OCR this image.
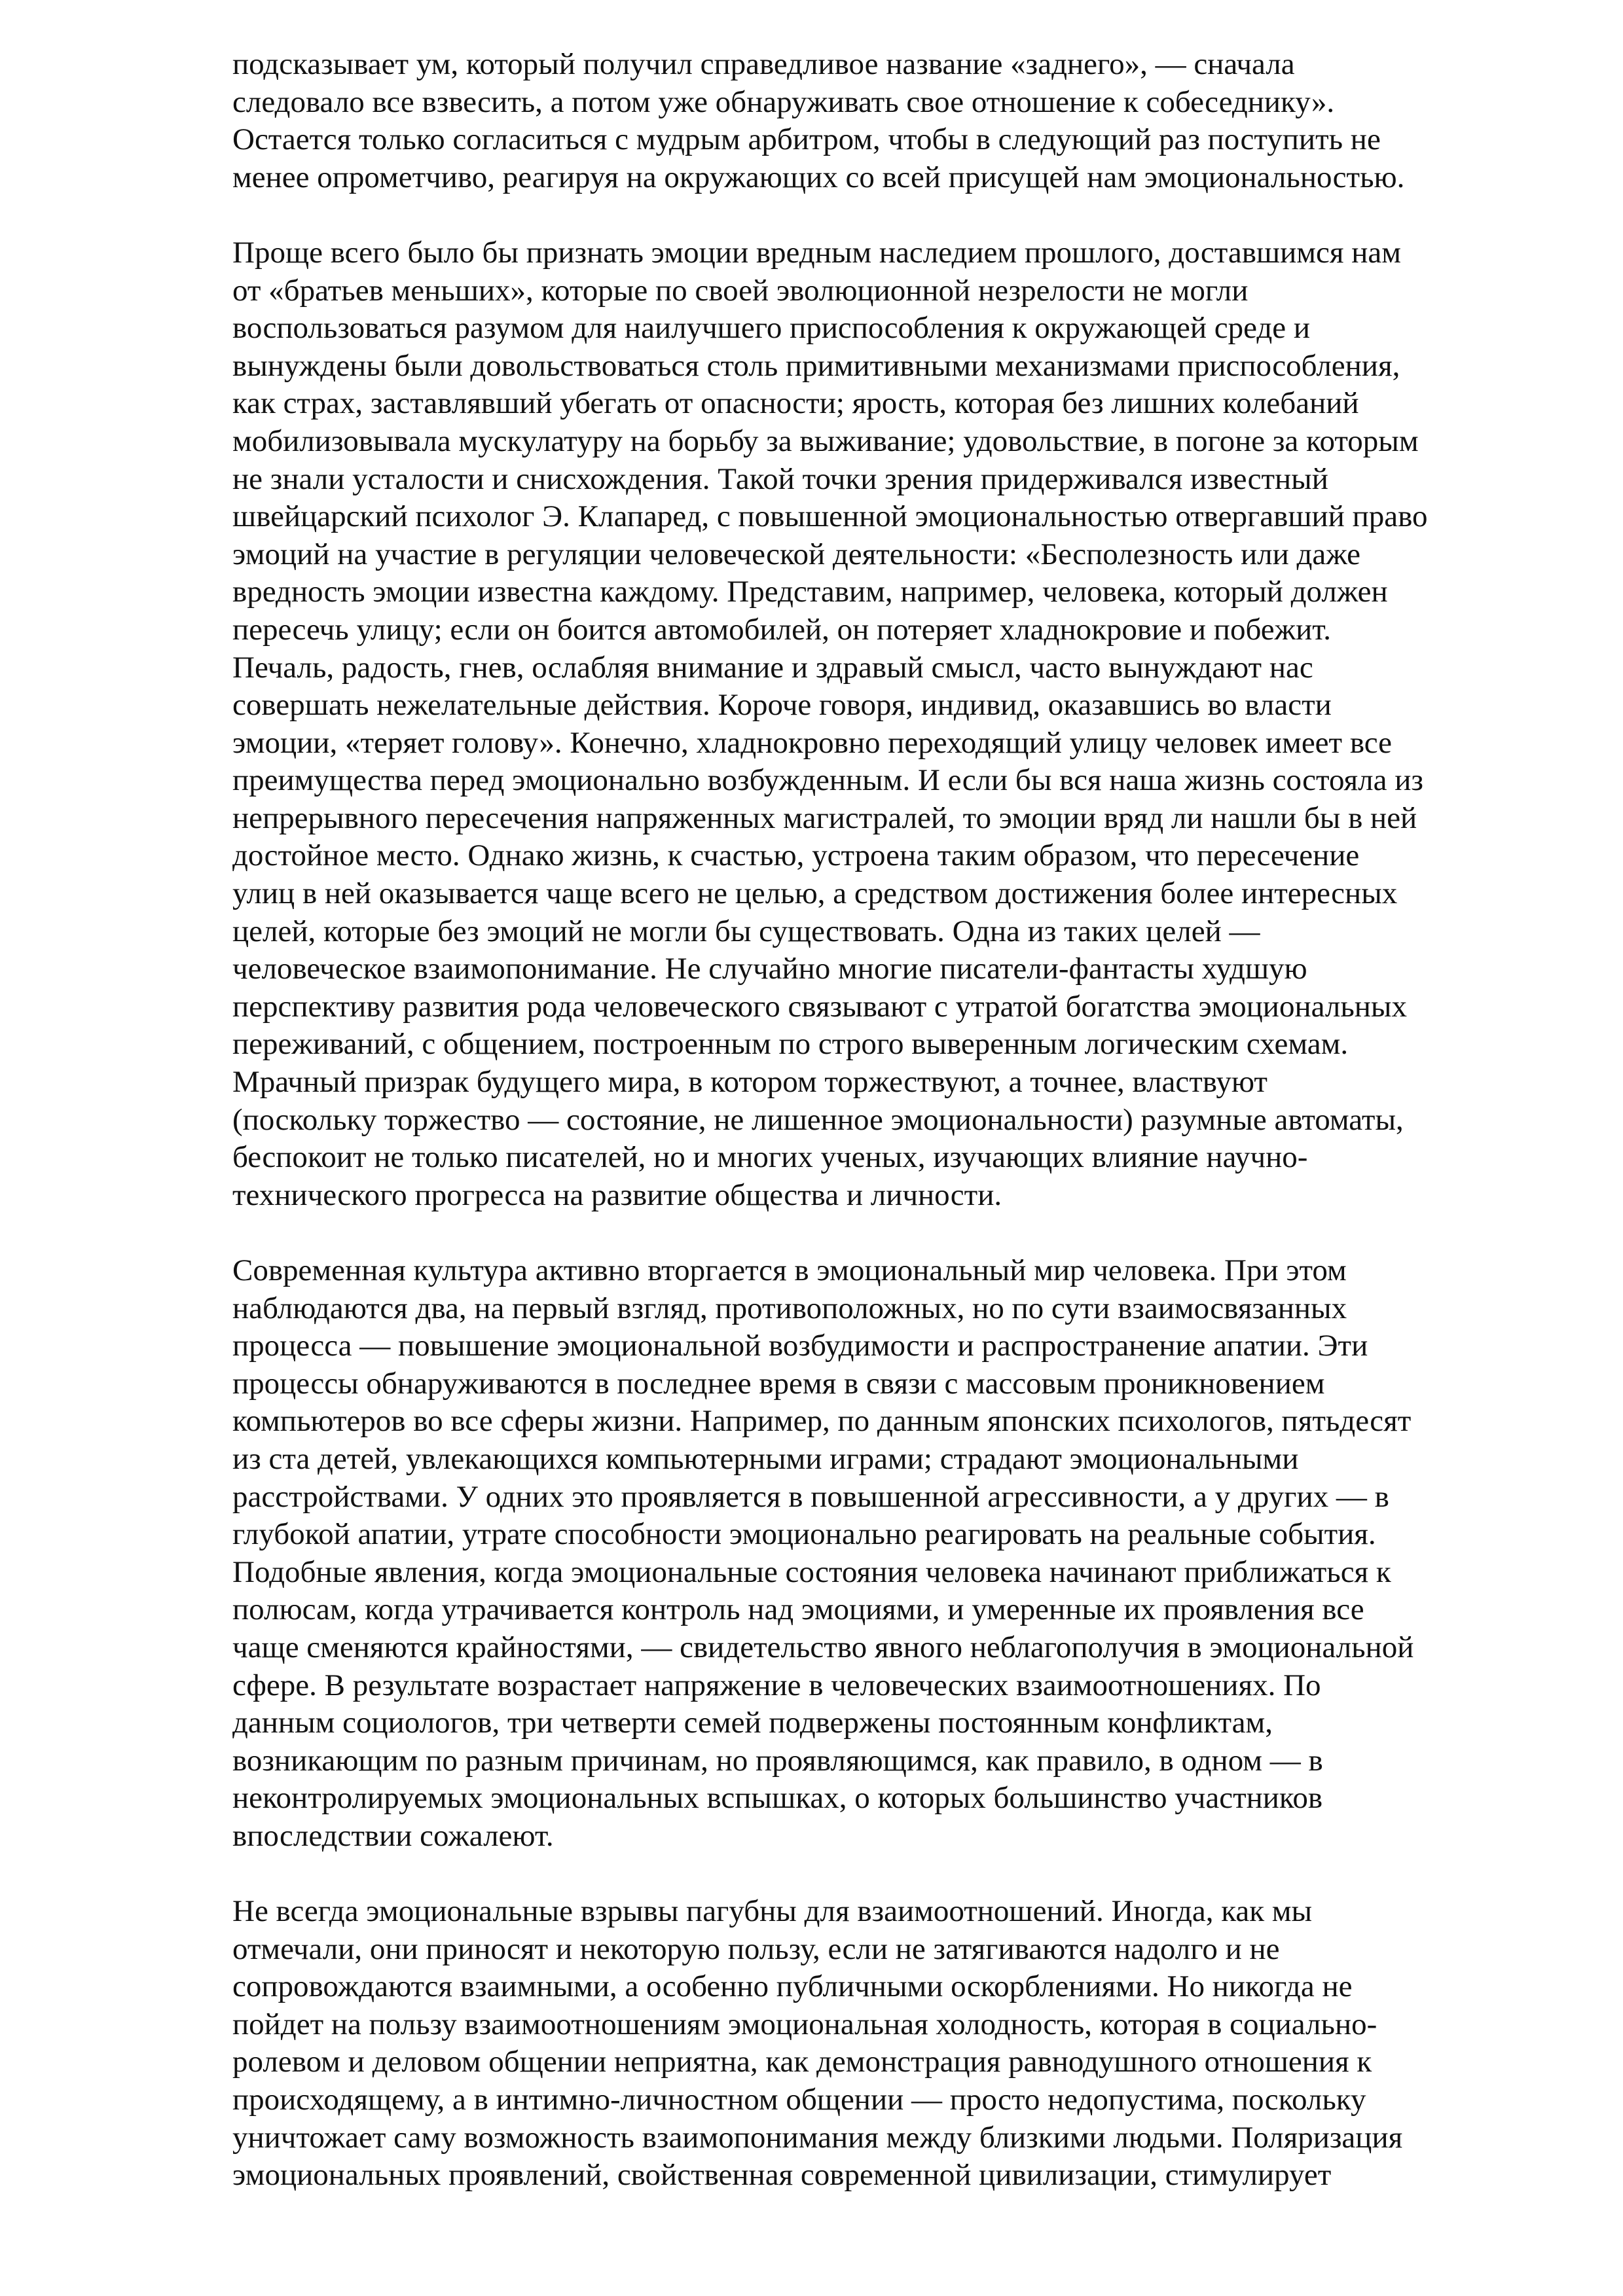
подсказывает ум, который получил справедливое название «заднего», — сначала
следовало все взвесить, а потом уже обнаруживать свое отношение к собеседнику».
Остается только согласиться с мудрым арбитром, чтобы в следующий раз поступить не
менее опрометчиво, реагируя на окружающих со всей присущей нам эмоциональностью.
Проще всего было бы признать эмоции вредным наследием прошлого, доставшимся нам
от «братьев меньших», которые по своей эволюционной незрелости не могли
воспользоваться разумом для наилучшего приспособления к окружающей среде и
вынуждены были довольствоваться столь примитивными механизмами приспособления,
как страх, заставлявший убегать от опасности; ярость, которая без лишних колебаний
мобилизовывала мускулатуру на борьбу за выживание; удовольствие, в погоне за которым
не знали усталости и снисхождения. Такой точки зрения придерживался известный
швейцарский психолог Э. Клапаред, с повышенной эмоциональностью отвергавший право
эмоций на участие в регуляции человеческой деятельности: «Бесполезность или даже
вредность эмоции известна каждому. Представим, например, человека, который должен
пересечь улицу; если он боится автомобилей, он потеряет хладнокровие и побежит.
Печаль, радость, гнев, ослабляя внимание и здравый смысл, часто вынуждают нас
совершать нежелательные действия. Короче говоря, индивид, оказавшись во власти
эмоции, «теряет голову». Конечно, хладнокровно переходящий улицу человек имеет все
преимущества перед эмоционально возбужденным. И если бы вся наша жизнь состояла из
непрерывного пересечения напряженных магистралей, то эмоции вряд ли нашли бы в ней
достойное место. Однако жизнь, к счастью, устроена таким образом, что пересечение
улиц в ней оказывается чаще всего не целью, а средством достижения более интересных
целей, которые без эмоций не могли бы существовать. Одна из таких целей —
человеческое взаимопонимание. Не случайно многие писатели-фантасты худшую
перспективу развития рода человеческого связывают с утратой богатства эмоциональных
переживаний, с общением, построенным по строго выверенным логическим схемам.
Мрачный призрак будущего мира, в котором торжествуют, а точнее, властвуют
(поскольку торжество — состояние, не лишенное эмоциональности) разумные автоматы,
беспокоит не только писателей, но и многих ученых, изучающих влияние научно-
технического прогресса на развитие общества и личности.
Современная культура активно вторгается в эмоциональный мир человека. При этом
наблюдаются два, на первый взгляд, противоположных, но по сути взаимосвязанных
процесса — повышение эмоциональной возбудимости и распространение апатии. Эти
процессы обнаруживаются в последнее время в связи с массовым проникновением
компьютеров во все сферы жизни. Например, по данным японских психологов, пятьдесят
из ста детей, увлекающихся компьютерными играми; страдают эмоциональными
расстройствами. У одних это проявляется в повышенной агрессивности, а у других — в
глубокой апатии, утрате способности эмоционально реагировать на реальные события.
Подобные явления, когда эмоциональные состояния человека начинают приближаться к
полюсам, когда утрачивается контроль над эмоциями, и умеренные их проявления все
чаще сменяются крайностями, — свидетельство явного неблагополучия в эмоциональной
сфере. В результате возрастает напряжение в человеческих взаимоотношениях. По
данным социологов, три четверти семей подвержены постоянным конфликтам,
возникающим по разным причинам, но проявляющимся, как правило, в одном — в
неконтролируемых эмоциональных вспышках, о которых большинство участников
впоследствии сожалеют.
Не всегда эмоциональные взрывы пагубны для взаимоотношений. Иногда, как мы
отмечали, они приносят и некоторую пользу, если не затягиваются надолго и не
сопровождаются взаимными, а особенно публичными оскорблениями. Но никогда не
пойдет на пользу взаимоотношениям эмоциональная холодность, которая в социально-
ролевом и деловом общении неприятна, как демонстрация равнодушного отношения к
происходящему, а в интимно-личностном общении — просто недопустима, поскольку
уничтожает саму возможность взаимопонимания между близкими людьми. Поляризация
эмоциональных проявлений, свойственная современной цивилизации, стимулирует
